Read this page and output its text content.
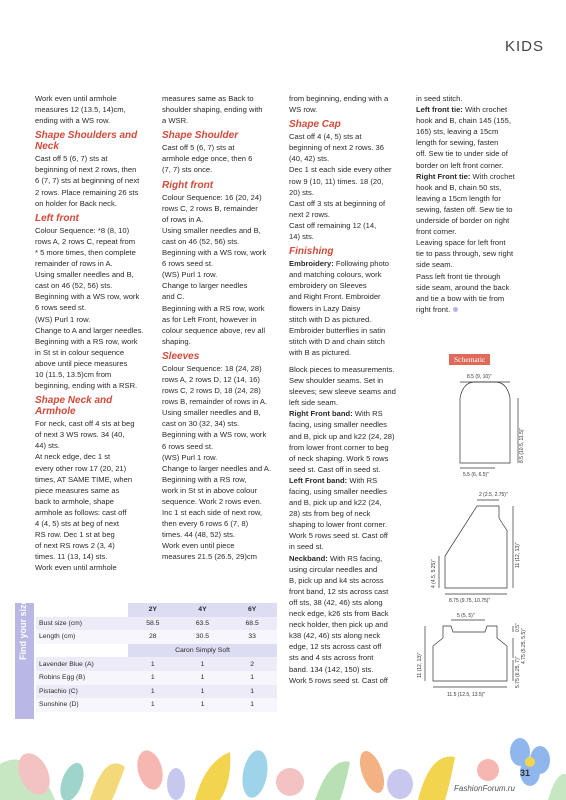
KIDS

Work even until armhole
measures 12 (13.5, 14)cm,
ending with a WS row.

Shape Shoulders and
Neck

Cast off 5 (6, 7) sts at
beginning of next 2 rows, then
6 (7, 7) sts at beginning of next
2 rows. Place remaining 26 sts
on holder for Back neck.

Left front

Colour Sequence: *8 (8, 10)
rows A, 2 rows C, repeat from
* 5 more times, then complete
remainder of rows in A.
Using smaller needles and B,
cast on 46 (52, 56) sts.
Beginning with a WS row, work
6 rows seed st.
(WS) Purl 1 row.
Change to A and larger needles.
Beginning with a RS row, work
in St st in colour sequence
above until piece measures
10 (11.5, 13.5)cm from
beginning, ending with a RSR.

Shape Neck and Armhole

For neck, cast off 4 sts at beg
of next 3 WS rows. 34 (40,
44) sts.
At neck edge, dec 1 st
every other row 17 (20, 21)
times, AT SAME TIME, when
piece measures same as
back to armhole, shape
armhole as follows: cast off
4 (4, 5) sts at beg of next
RS row. Dec 1 st at beg
of next RS rows 2 (3, 4)
times. 11 (13, 14) sts.
Work even until armhole

measures same as Back to
shoulder shaping, ending with
a WSR.

Shape Shoulder

Cast off 5 (6, 7) sts at
armhole edge once, then 6
(7, 7) sts once.

Right front

Colour Sequence: 16 (20, 24)
rows C, 2 rows B, remainder
of rows in A.
Using smaller needles and B,
cast on 46 (52, 56) sts.
Beginning with a WS row, work
6 rows seed st.
(WS) Purl 1 row.
Change to larger needles
and C.
Beginning with a RS row, work
as for Left Front, however in
colour sequence above, rev all
shaping.

Sleeves

Colour Sequence: 18 (24, 28)
rows A, 2 rows D, 12 (14, 16)
rows C, 2 rows D, 18 (24, 28)
rows B, remainder of rows in A.
Using smaller needles and B,
cast on 30 (32, 34) sts.
Beginning with a WS row, work
6 rows seed st.
(WS) Purl 1 row.
Change to larger needles and A.
Beginning with a RS row,
work in St st in above colour
sequence. Work 2 rows even.
Inc 1 st each side of next row,
then every 6 rows 6 (7, 8)
times. 44 (48, 52) sts.
Work even until piece
measures 21.5 (26.5, 29)cm

from beginning, ending with a
WS row.

Shape Cap

Cast off 4 (4, 5) sts at
beginning of next 2 rows. 36
(40, 42) sts.
Dec 1 st each side every other
row 9 (10, 11) times. 18 (20,
20) sts.
Cast off 3 sts at beginning of
next 2 rows.
Cast off remaining 12 (14,
14) sts.

Finishing

Embroidery: Following photo
and matching colours, work
embroidery on Sleeves
and Right Front. Embroider
flowers in Lazy Daisy
stitch with D as pictured.
Embroider butterflies in satin
stitch with D and chain stitch
with B as pictured.

Block pieces to measurements.
Sew shoulder seams. Set in
sleeves; sew sleeve seams and
left side seam.

Right Front band: With RS
facing, using smaller needles
and B, pick up and k22 (24, 28)
from lower front corner to beg
of neck shaping. Work 5 rows
seed st. Cast off in seed st.

Left Front band: With RS
facing, using smaller needles
and B, pick up and k22 (24,
28) sts from beg of neck
shaping to lower front corner.
Work 5 rows seed st. Cast off
in seed st.

Neckband: With RS facing,
using circular needles and
B, pick up and k4 sts across
front band, 12 sts across cast
off sts, 38 (42, 46) sts along
neck edge, k26 sts from Back
neck holder, then pick up and
k38 (42, 46) sts along neck
edge, 12 sts across cast off
sts and 4 sts across front
band. 134 (142, 150) sts.
Work 5 rows seed st. Cast off

in seed stitch.

Left front tie: With crochet
hook and B, chain 145 (155,
165) sts, leaving a 15cm
length for sewing, fasten
off. Sew tie to under side of
border on left front corner.

Right Front tie: With crochet
hook and B, chain 50 sts,
leaving a 15cm length for
sewing, fasten off. Sew tie to
underside of border on right
front corner.
Leaving space for left front
tie to pass through, sew right
side seam.
Pass left front tie through
side seam, around the back
and tie a bow with tie from
right front.

Schematic
8.5 (9, 10)"
8.5 (10.5, 11.5)"
5.5 (6, 6.5)"
2 (2.5, 2.75)"
11 (12, 13)"
4 (4.5, 5.25)"
8.75 (9.75, 10.75)"
5 (5, 5)"
0.5"
4.75 (5.25, 5.5)"
5.75 (6.25, 7)"
11 (12, 13)"
11.5 (12.5, 13.5)"
Find your size
		2Y	4Y	6Y
Bust size (cm)	58.5	63.5	68.5
Length (cm)	28	30.5	33
	Caron Simply Soft		
Lavender Blue (A)	1	1	2
Robins Egg (B)	1	1	1
Pistachio (C)	1	1	1
Sunshine (D)	1	1	1
31
FashionForum.ru
